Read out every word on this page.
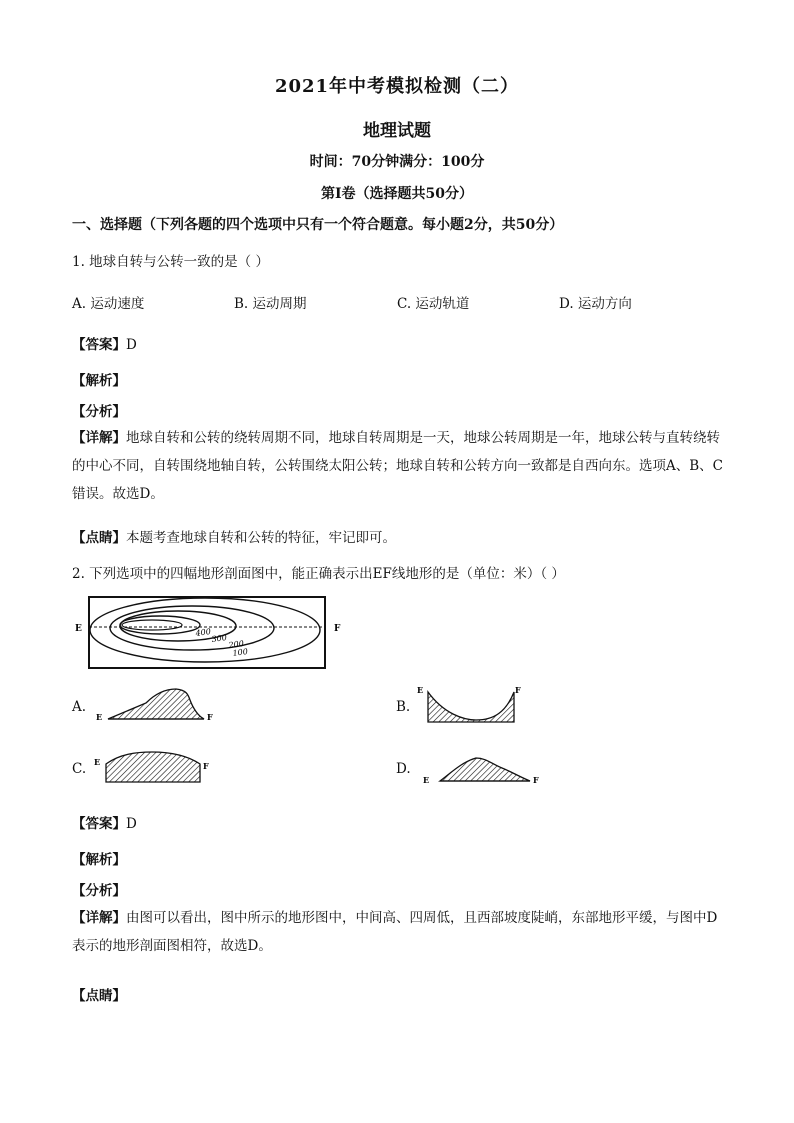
2021年中考模拟检测（二）
地理试题
时间：70分钟满分：100分
第Ⅰ卷（选择题共50分）
一、选择题（下列各题的四个选项中只有一个符合题意。每小题2分，共50分）
1. 地球自转与公转一致的是（ ）
A. 运动速度	B. 运动周期	C. 运动轨道	D. 运动方向
【答案】D
【解析】
【分析】
【详解】地球自转和公转的绕转周期不同，地球自转周期是一天，地球公转周期是一年，地球公转与直转绕转的中心不同，自转围绕地轴自转，公转围绕太阳公转；地球自转和公转方向一致都是自西向东。选项A、B、C错误。故选D。
【点睛】本题考查地球自转和公转的特征，牢记即可。
2. 下列选项中的四幅地形剖面图中，能正确表示出EF线地形的是（单位：米）（ ）
E	F
400
300
200
100
A.
E	F
B.
E	F
C. E	F	D.
E	F
【答案】D
【解析】
【分析】
【详解】由图可以看出，图中所示的地形图中，中间高、四周低，且西部坡度陡峭，东部地形平缓，与图中D表示的地形剖面图相符，故选D。
【点睛】
